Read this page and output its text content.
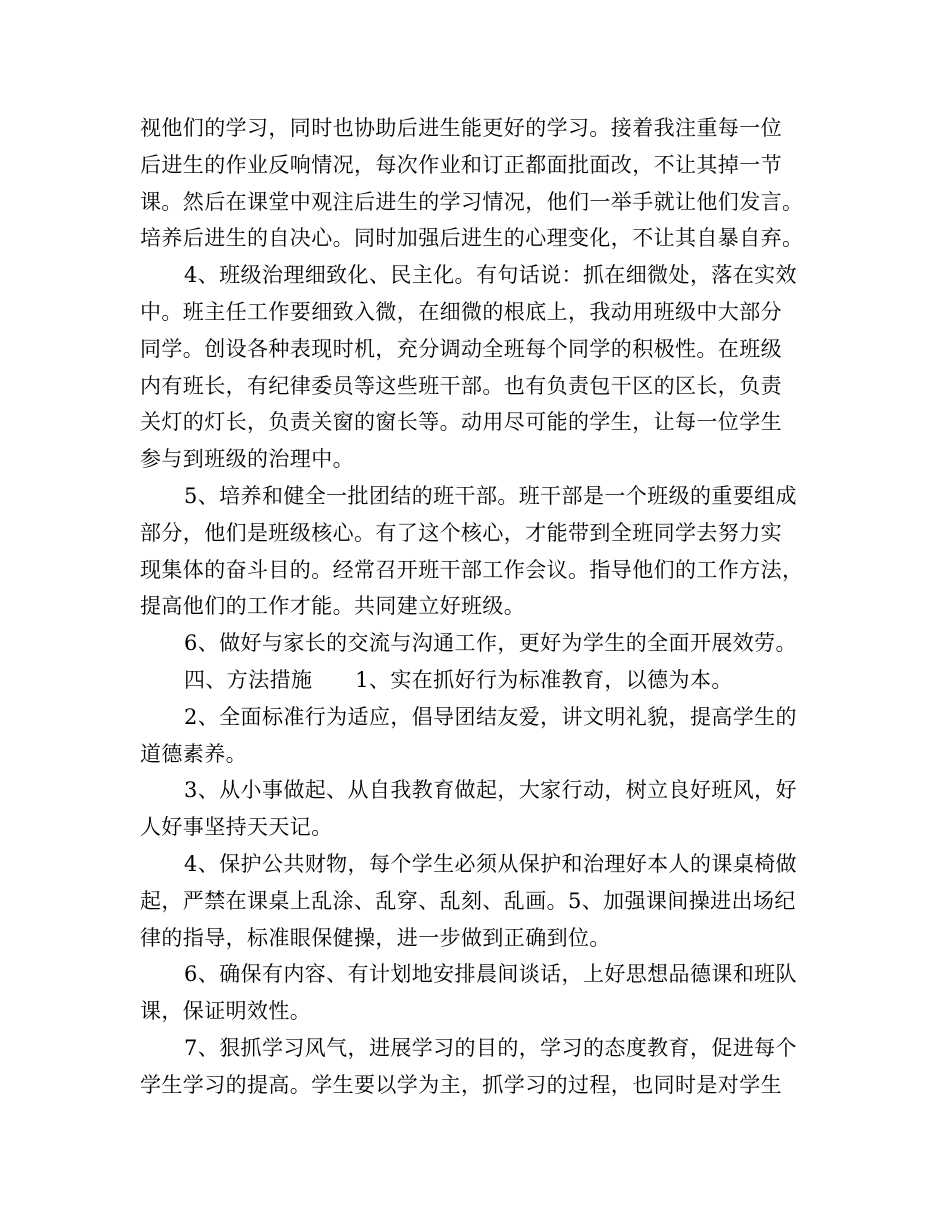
视他们的学习，同时也协助后进生能更好的学习。接着我注重每一位
后进生的作业反响情况，每次作业和订正都面批面改，不让其掉一节
课。然后在课堂中观注后进生的学习情况，他们一举手就让他们发言。
培养后进生的自决心。同时加强后进生的心理变化，不让其自暴自弃。
4、班级治理细致化、民主化。有句话说：抓在细微处，落在实效
中。班主任工作要细致入微，在细微的根底上，我动用班级中大部分
同学。创设各种表现时机，充分调动全班每个同学的积极性。在班级
内有班长，有纪律委员等这些班干部。也有负责包干区的区长，负责
关灯的灯长，负责关窗的窗长等。动用尽可能的学生，让每一位学生
参与到班级的治理中。
5、培养和健全一批团结的班干部。班干部是一个班级的重要组成
部分，他们是班级核心。有了这个核心，才能带到全班同学去努力实
现集体的奋斗目的。经常召开班干部工作会议。指导他们的工作方法，
提高他们的工作才能。共同建立好班级。
6、做好与家长的交流与沟通工作，更好为学生的全面开展效劳。
四、方法措施　　1、实在抓好行为标准教育，以德为本。
2、全面标准行为适应，倡导团结友爱，讲文明礼貌，提高学生的
道德素养。
3、从小事做起、从自我教育做起，大家行动，树立良好班风，好
人好事坚持天天记。
4、保护公共财物，每个学生必须从保护和治理好本人的课桌椅做
起，严禁在课桌上乱涂、乱穿、乱刻、乱画。5、加强课间操进出场纪
律的指导，标准眼保健操，进一步做到正确到位。
6、确保有内容、有计划地安排晨间谈话，上好思想品德课和班队
课，保证明效性。
7、狠抓学习风气，进展学习的目的，学习的态度教育，促进每个
学生学习的提高。学生要以学为主，抓学习的过程，也同时是对学生
